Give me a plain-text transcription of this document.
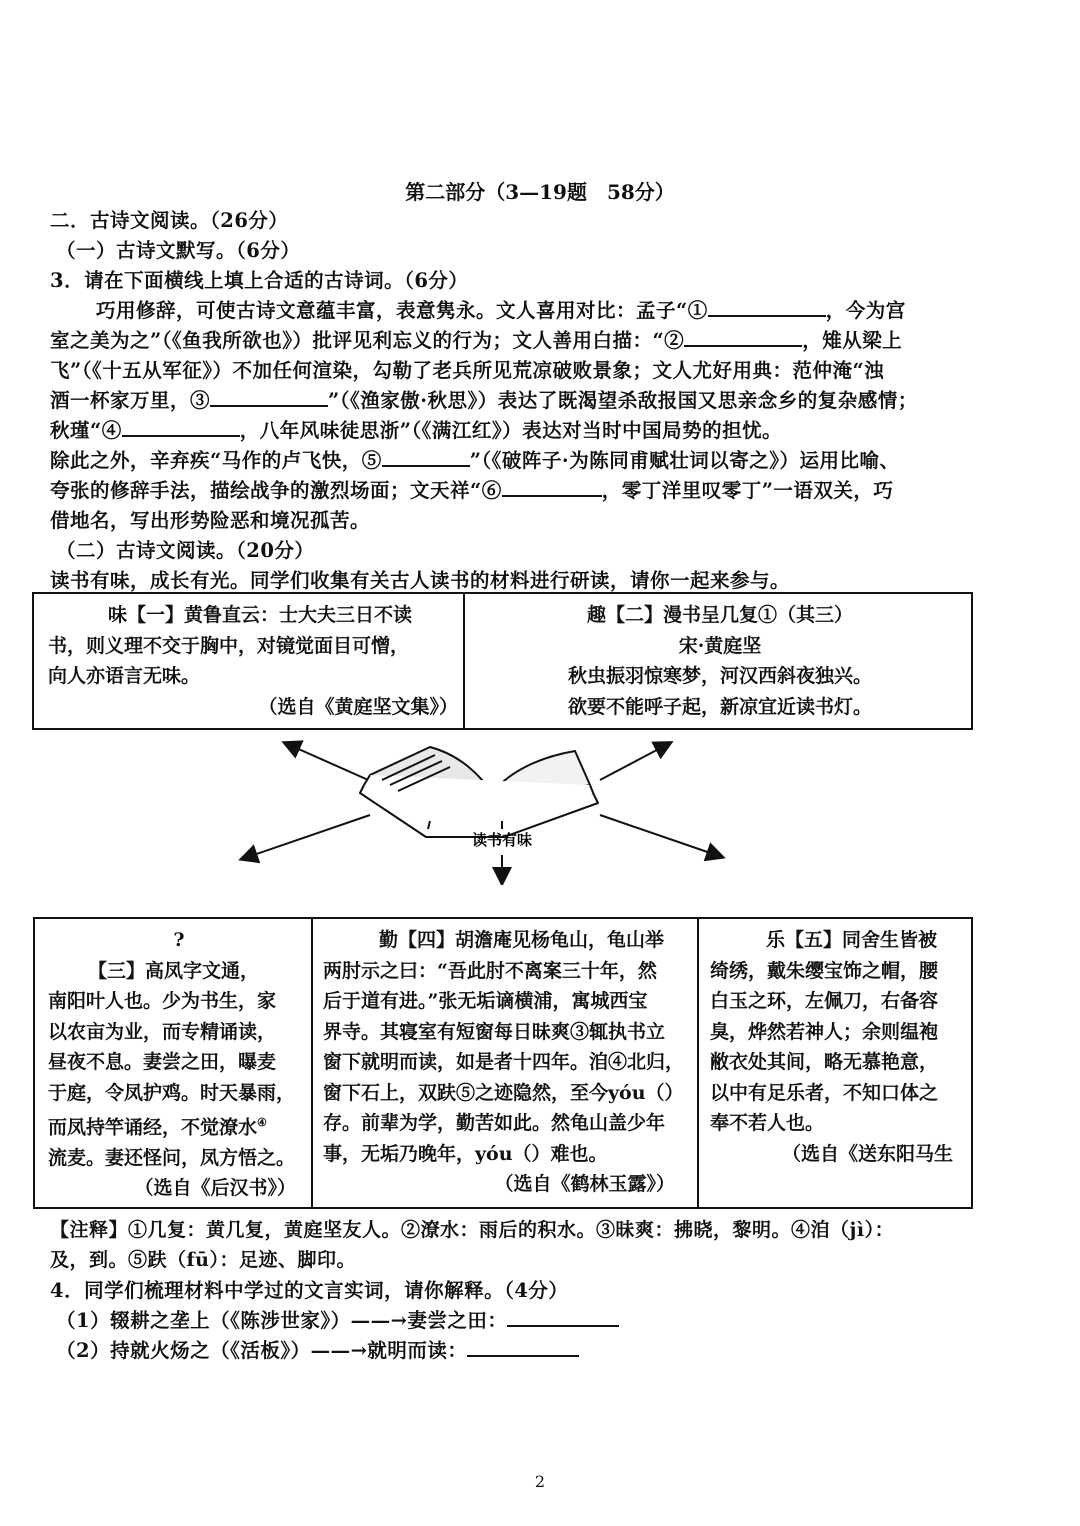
第二部分（3—19题　58分）
二．古诗文阅读。（26分）
（一）古诗文默写。（6分）
3．请在下面横线上填上合适的古诗词。（6分）
巧用修辞，可使古诗文意蕴丰富，表意隽永。文人喜用对比：孟子“①	，今为宫
室之美为之”（《鱼我所欲也》）批评见利忘义的行为；文人善用白描：“②	，雉从梁上
飞”（《十五从军征》）不加任何渲染，勾勒了老兵所见荒凉破败景象；文人尤好用典：范仲淹“浊
酒一杯家万里，③	”（《渔家傲·秋思》）表达了既渴望杀敌报国又思亲念乡的复杂感情；
秋瑾“④	，八年风味徒思浙”（《满江红》）表达对当时中国局势的担忧。
除此之外，辛弃疾“马作的卢飞快，⑤	”（《破阵子·为陈同甫赋壮词以寄之》）运用比喻、
夸张的修辞手法，描绘战争的激烈场面；文天祥“⑥	，零丁洋里叹零丁”一语双关，巧
借地名，写出形势险恶和境况孤苦。
（二）古诗文阅读。（20分）
读书有味，成长有光。同学们收集有关古人读书的材料进行研读，请你一起来参与。

味【一】黄鲁直云：士大夫三日不读

书，则义理不交于胸中，对镜觉面目可憎，

向人亦语言无味。

（选自《黄庭坚文集》）

趣【二】漫书呈几复①（其三）

宋·黄庭坚

秋虫振羽惊寒梦，河汉西斜夜独兴。

欲要不能呼子起，新凉宜近读书灯。

读书有味

?

【三】高凤字文通，

南阳叶人也。少为书生，家

以农亩为业，而专精诵读，

昼夜不息。妻尝之田，曝麦

于庭，令凤护鸡。时天暴雨，

而凤持竿诵经，不觉潦水④

流麦。妻还怪问，凤方悟之。

（选自《后汉书》）

勤【四】胡澹庵见杨龟山，龟山举

两肘示之曰：“吾此肘不离案三十年，然

后于道有进。”张无垢谪横浦，寓城西宝

界寺。其寝室有短窗每日昧爽③辄执书立

窗下就明而读，如是者十四年。洎④北归，

窗下石上，双趺⑤之迹隐然，至今yóu（）

存。前辈为学，勤苦如此。然龟山盖少年

事，无垢乃晚年，yóu（）难也。

（选自《鹤林玉露》）

乐【五】同舍生皆被

绮绣，戴朱缨宝饰之帽，腰

白玉之环，左佩刀，右备容

臭，烨然若神人；余则缊袍

敝衣处其间，略无慕艳意，

以中有足乐者，不知口体之

奉不若人也。

（选自《送东阳马生

【注释】①几复：黄几复，黄庭坚友人。②潦水：雨后的积水。③昧爽：拂晓，黎明。④洎（jì）：
及，到。⑤趺（fū）：足迹、脚印。
4．同学们梳理材料中学过的文言实词，请你解释。（4分）
（1）辍耕之垄上（《陈涉世家》）——→妻尝之田：
（2）持就火炀之（《活板》）——→就明而读：
2
